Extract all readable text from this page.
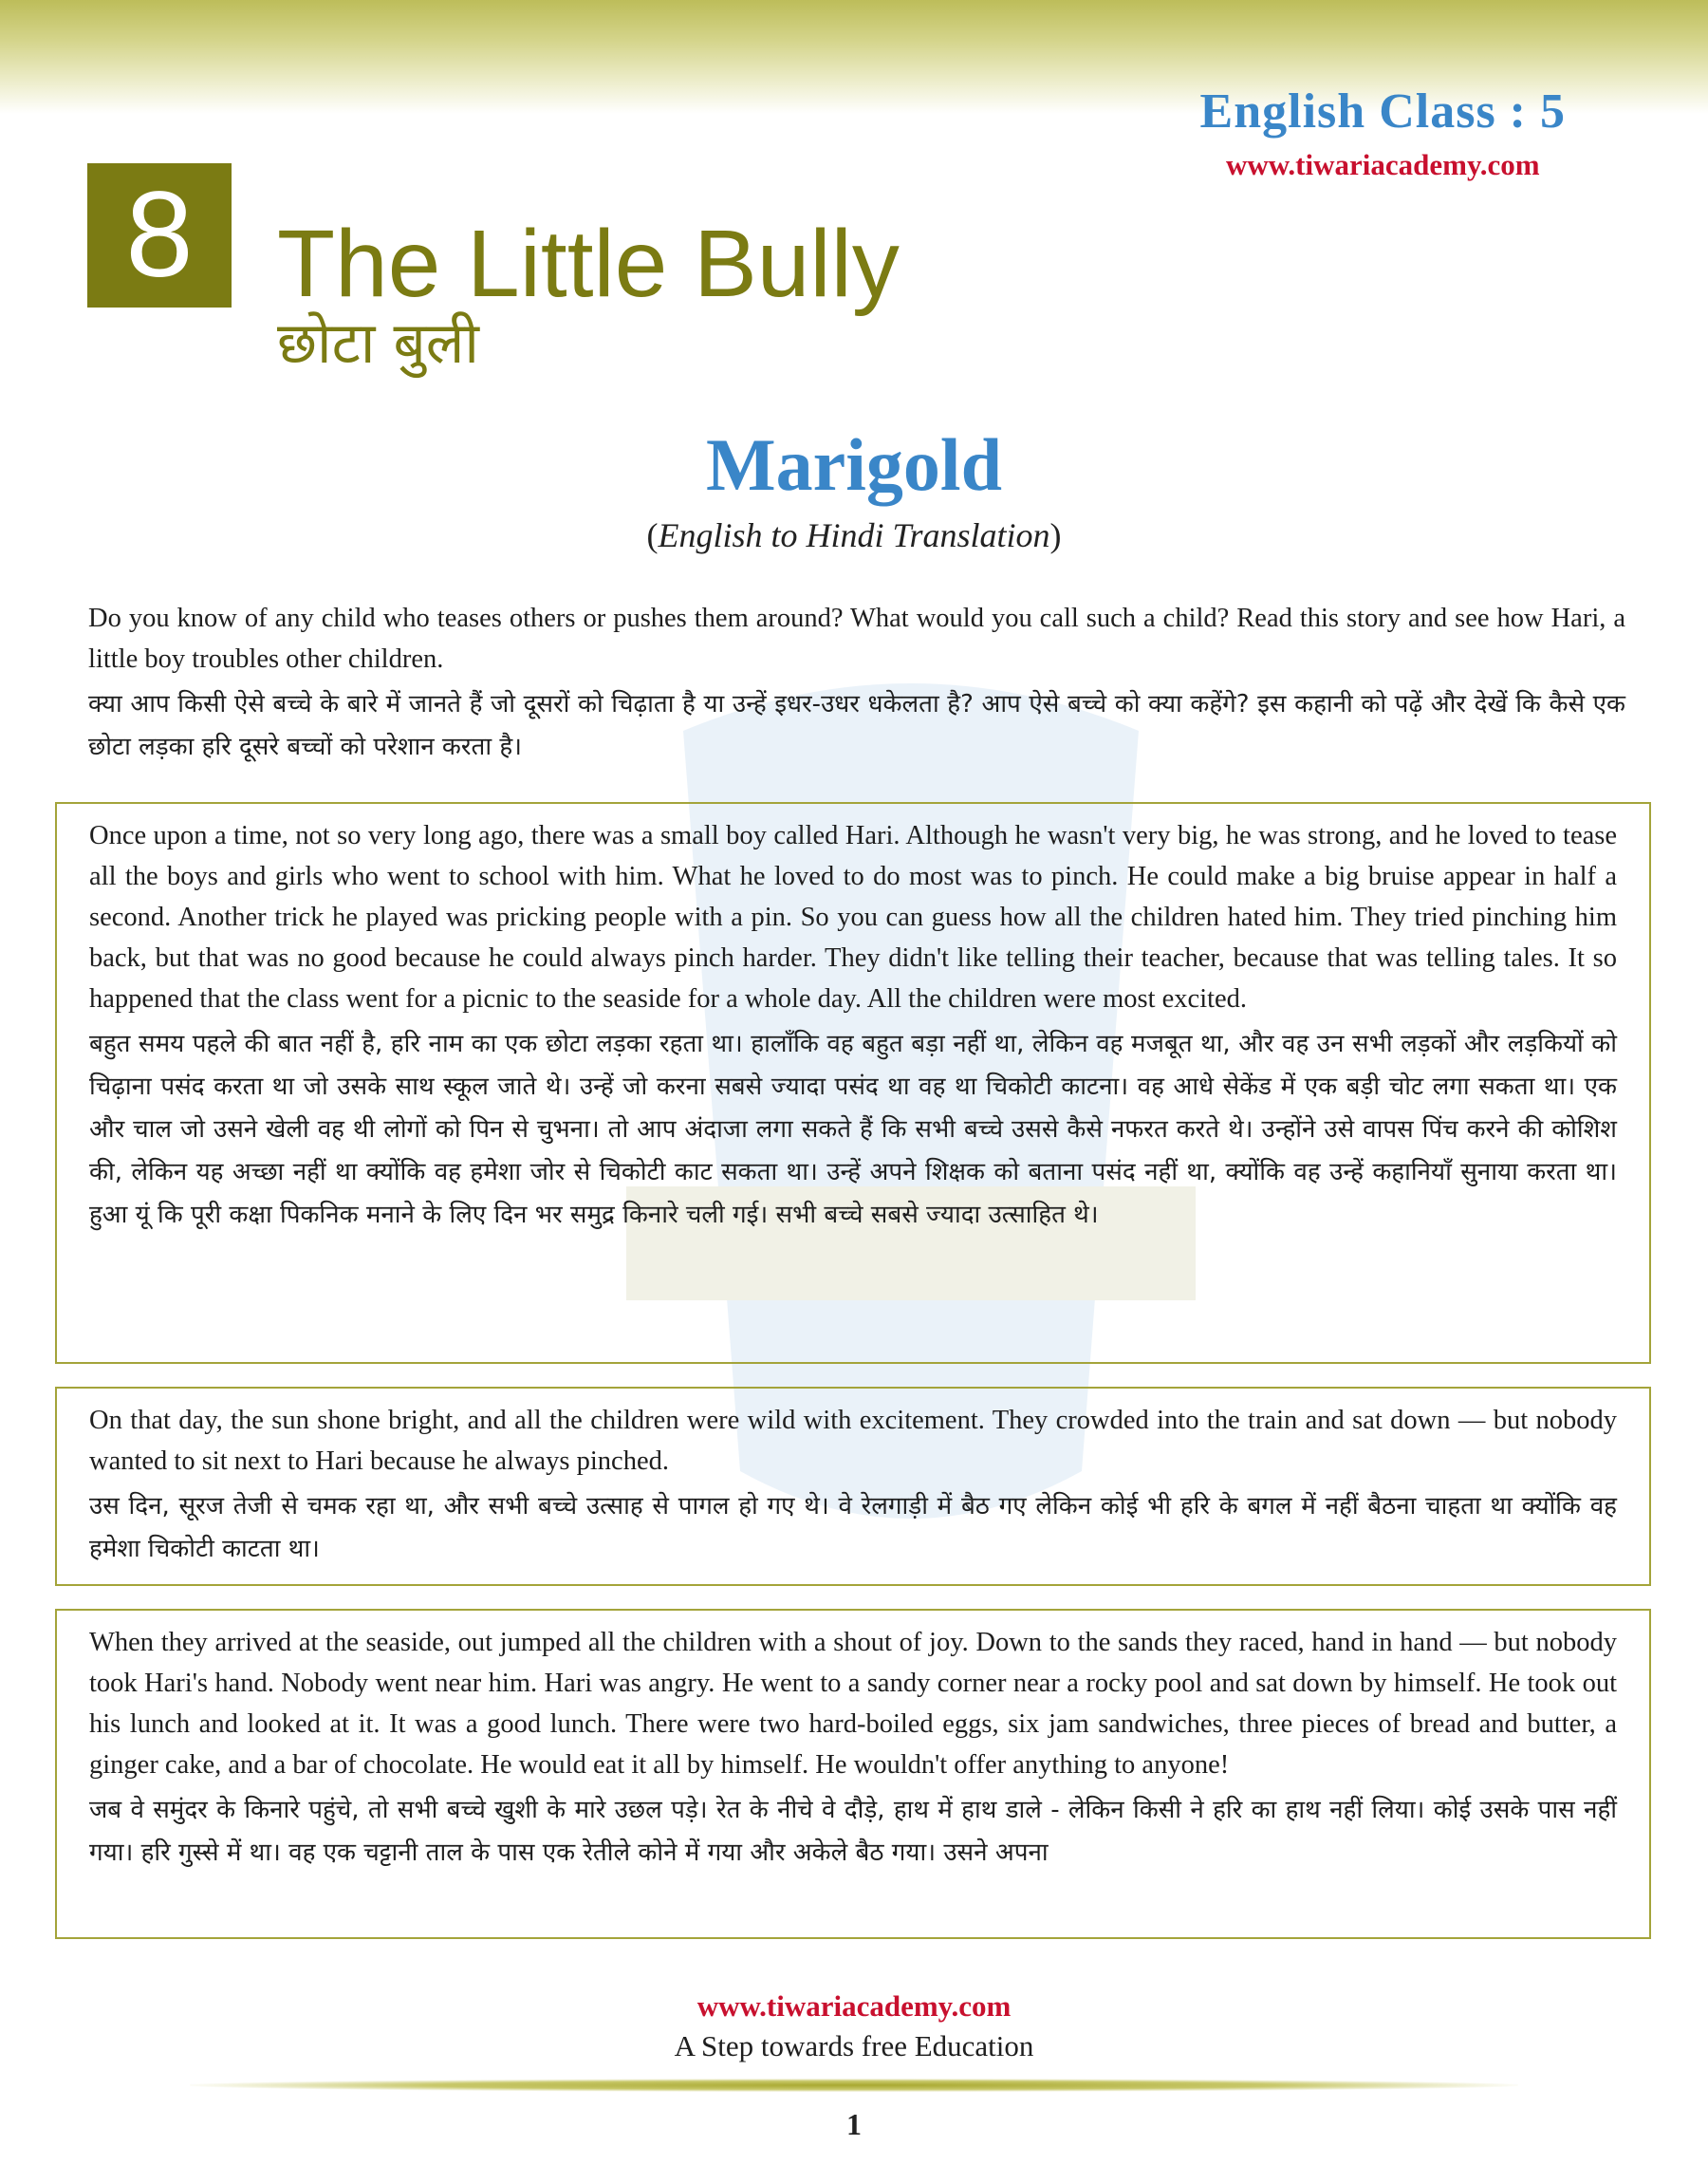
English Class : 5
www.tiwariacademy.com
8 The Little Bully
छोटा बुली
Marigold
(English to Hindi Translation)

Do you know of any child who teases others or pushes them around? What would you call such a child? Read this story and see how Hari, a little boy troubles other children.

क्या आप किसी ऐसे बच्चे के बारे में जानते हैं जो दूसरों को चिढ़ाता है या उन्हें इधर-उधर धकेलता है? आप ऐसे बच्चे को क्या कहेंगे? इस कहानी को पढ़ें और देखें कि कैसे एक छोटा लड़का हरि दूसरे बच्चों को परेशान करता है।

Once upon a time, not so very long ago, there was a small boy called Hari. Although he wasn't very big, he was strong, and he loved to tease all the boys and girls who went to school with him. What he loved to do most was to pinch. He could make a big bruise appear in half a second. Another trick he played was pricking people with a pin. So you can guess how all the children hated him. They tried pinching him back, but that was no good because he could always pinch harder. They didn't like telling their teacher, because that was telling tales. It so happened that the class went for a picnic to the seaside for a whole day. All the children were most excited.

बहुत समय पहले की बात नहीं है, हरि नाम का एक छोटा लड़का रहता था। हालाँकि वह बहुत बड़ा नहीं था, लेकिन वह मजबूत था, और वह उन सभी लड़कों और लड़कियों को चिढ़ाना पसंद करता था जो उसके साथ स्कूल जाते थे। उन्हें जो करना सबसे ज्यादा पसंद था वह था चिकोटी काटना। वह आधे सेकेंड में एक बड़ी चोट लगा सकता था। एक और चाल जो उसने खेली वह थी लोगों को पिन से चुभना। तो आप अंदाजा लगा सकते हैं कि सभी बच्चे उससे कैसे नफरत करते थे। उन्होंने उसे वापस पिंच करने की कोशिश की, लेकिन यह अच्छा नहीं था क्योंकि वह हमेशा जोर से चिकोटी काट सकता था। उन्हें अपने शिक्षक को बताना पसंद नहीं था, क्योंकि वह उन्हें कहानियाँ सुनाया करता था। हुआ यूं कि पूरी कक्षा पिकनिक मनाने के लिए दिन भर समुद्र किनारे चली गई। सभी बच्चे सबसे ज्यादा उत्साहित थे।

On that day, the sun shone bright, and all the children were wild with excitement. They crowded into the train and sat down — but nobody wanted to sit next to Hari because he always pinched.

उस दिन, सूरज तेजी से चमक रहा था, और सभी बच्चे उत्साह से पागल हो गए थे। वे रेलगाड़ी में बैठ गए लेकिन कोई भी हरि के बगल में नहीं बैठना चाहता था क्योंकि वह हमेशा चिकोटी काटता था।

When they arrived at the seaside, out jumped all the children with a shout of joy. Down to the sands they raced, hand in hand — but nobody took Hari's hand. Nobody went near him. Hari was angry. He went to a sandy corner near a rocky pool and sat down by himself. He took out his lunch and looked at it. It was a good lunch. There were two hard-boiled eggs, six jam sandwiches, three pieces of bread and butter, a ginger cake, and a bar of chocolate. He would eat it all by himself. He wouldn't offer anything to anyone!

जब वे समुंदर के किनारे पहुंचे, तो सभी बच्चे खुशी के मारे उछल पड़े। रेत के नीचे वे दौड़े, हाथ में हाथ डाले - लेकिन किसी ने हरि का हाथ नहीं लिया। कोई उसके पास नहीं गया। हरि गुस्से में था। वह एक चट्टानी ताल के पास एक रेतीले कोने में गया और अकेले बैठ गया। उसने अपना

www.tiwariacademy.com
A Step towards free Education
1
